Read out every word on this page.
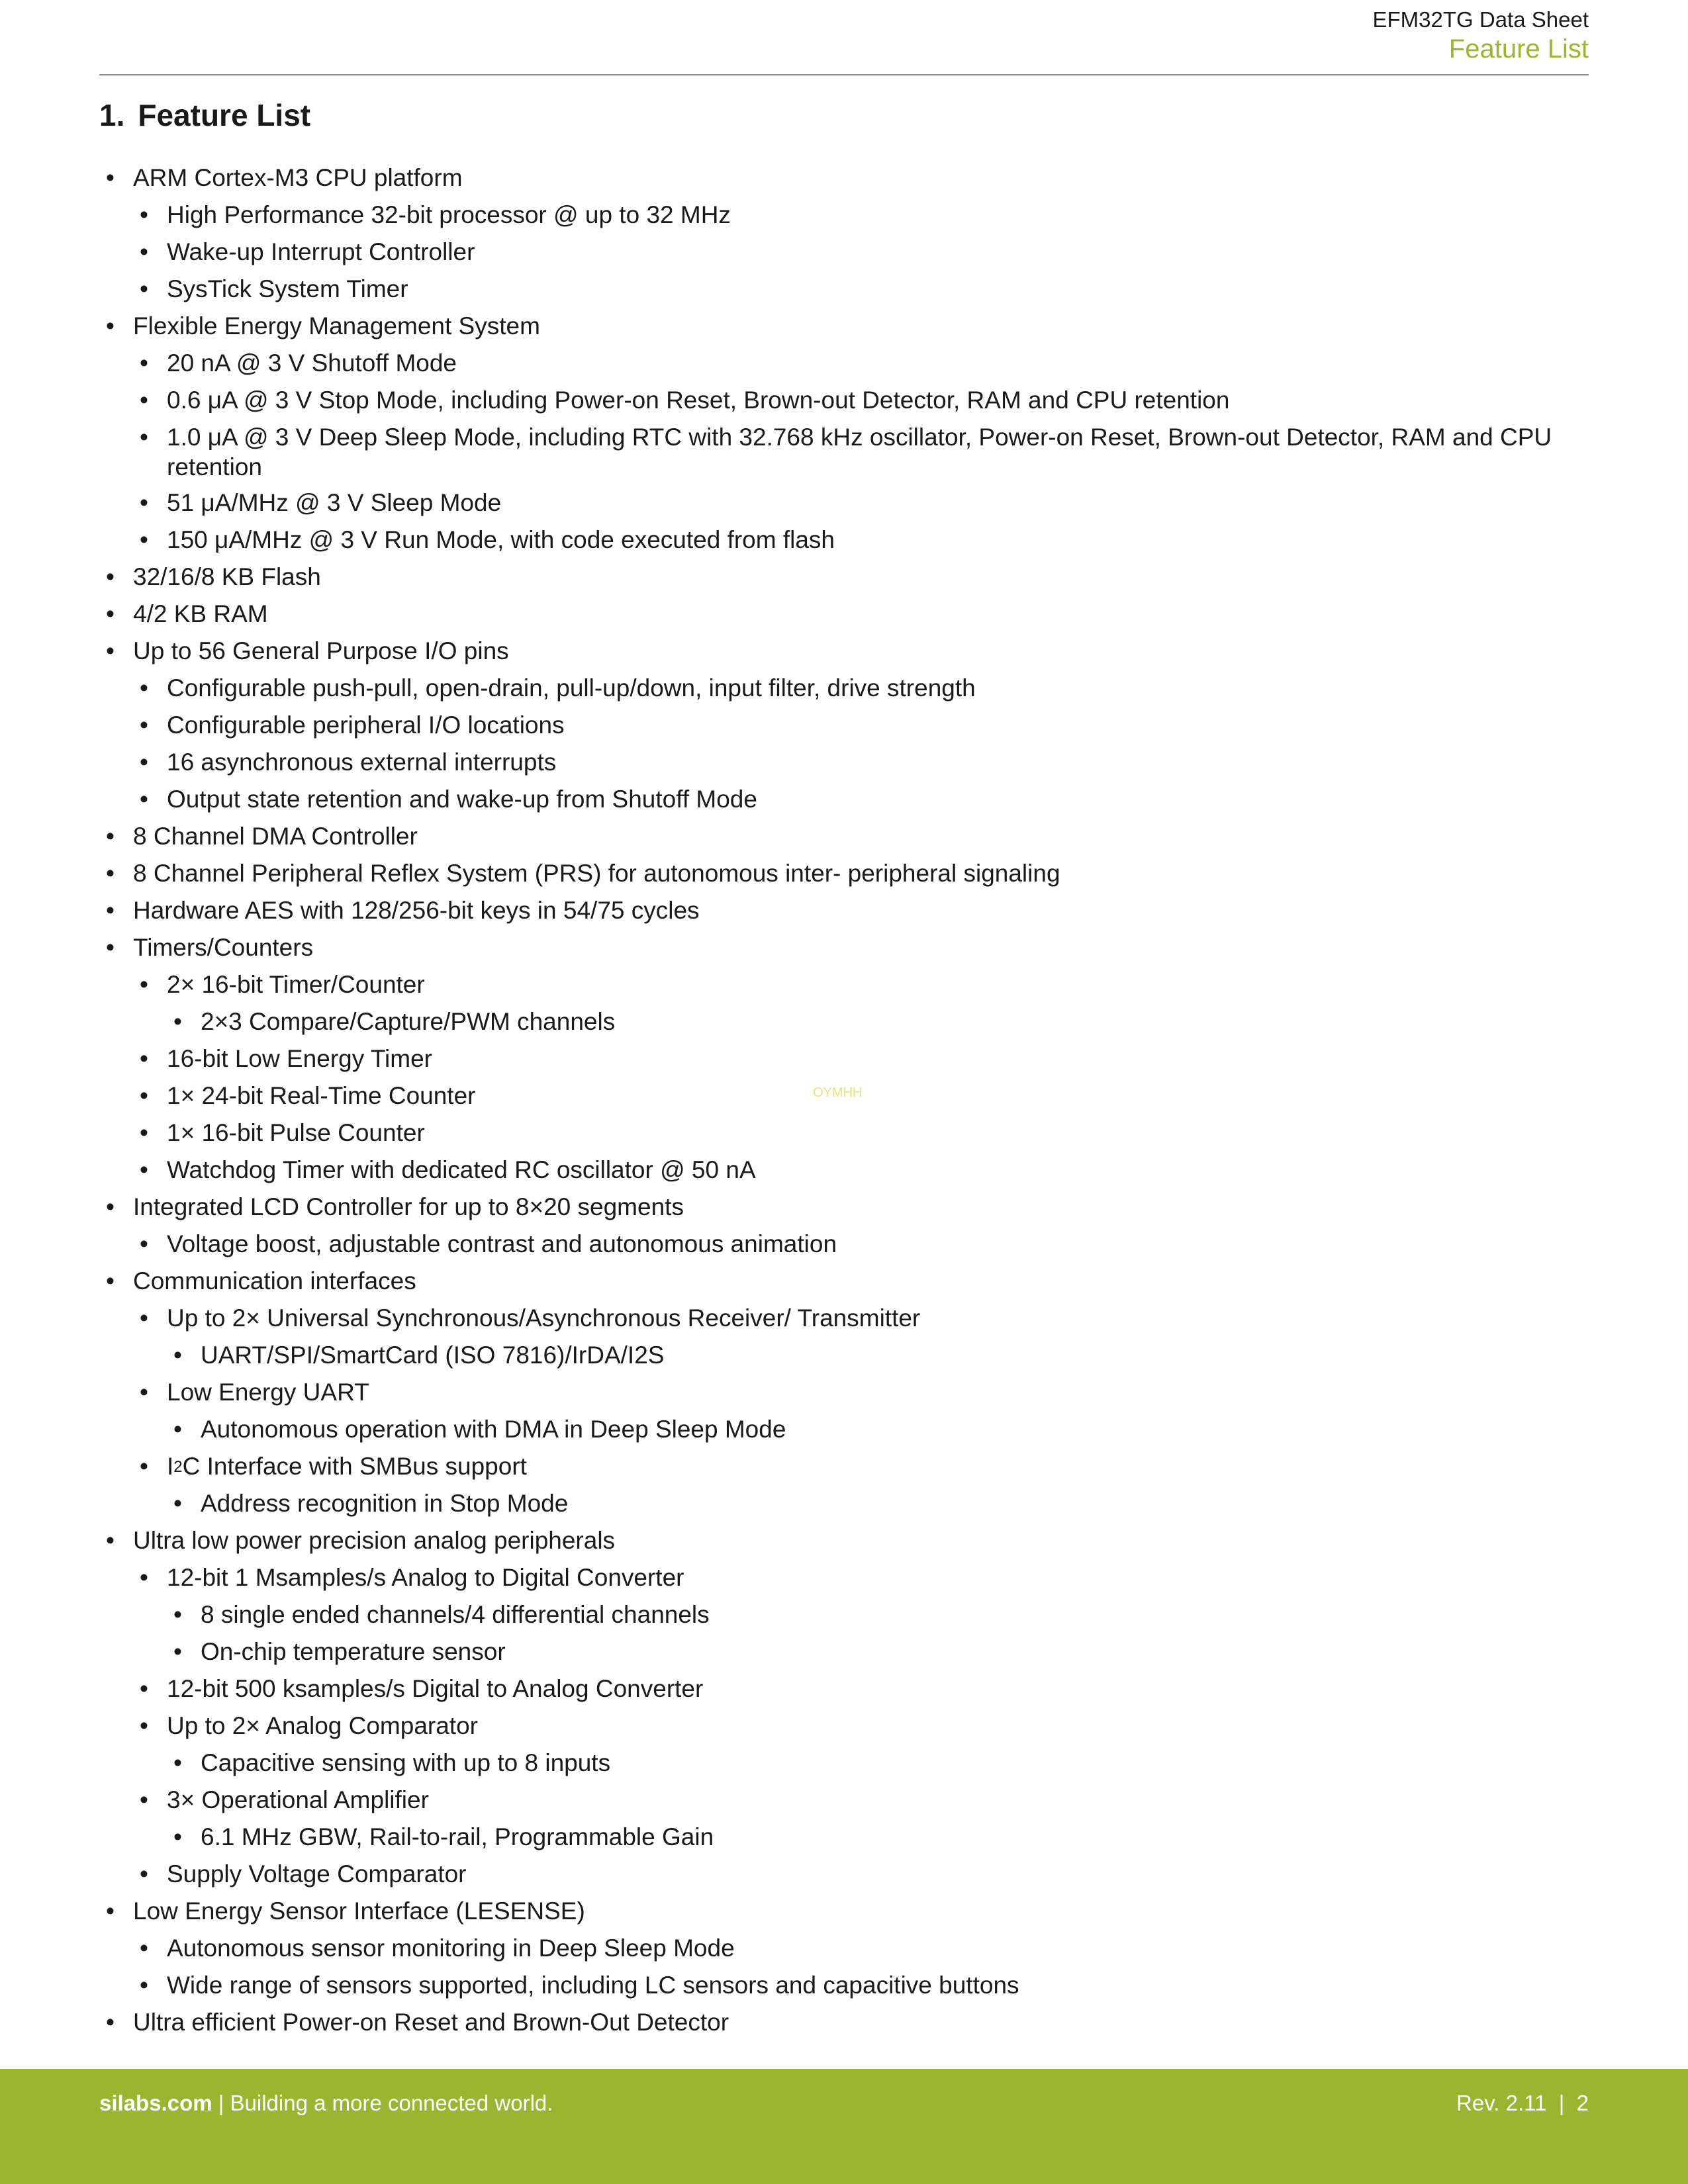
EFM32TG Data Sheet
Feature List
1. Feature List
• ARM Cortex-M3 CPU platform
• High Performance 32-bit processor @ up to 32 MHz
• Wake-up Interrupt Controller
• SysTick System Timer
• Flexible Energy Management System
• 20 nA @ 3 V Shutoff Mode
• 0.6 μA @ 3 V Stop Mode, including Power-on Reset, Brown-out Detector, RAM and CPU retention
• 1.0 μA @ 3 V Deep Sleep Mode, including RTC with 32.768 kHz oscillator, Power-on Reset, Brown-out Detector, RAM and CPU retention
• 51 μA/MHz @ 3 V Sleep Mode
• 150 μA/MHz @ 3 V Run Mode, with code executed from flash
• 32/16/8 KB Flash
• 4/2 KB RAM
• Up to 56 General Purpose I/O pins
• Configurable push-pull, open-drain, pull-up/down, input filter, drive strength
• Configurable peripheral I/O locations
• 16 asynchronous external interrupts
• Output state retention and wake-up from Shutoff Mode
• 8 Channel DMA Controller
• 8 Channel Peripheral Reflex System (PRS) for autonomous inter- peripheral signaling
• Hardware AES with 128/256-bit keys in 54/75 cycles
• Timers/Counters
• 2× 16-bit Timer/Counter
• 2×3 Compare/Capture/PWM channels
• 16-bit Low Energy Timer
• 1× 24-bit Real-Time Counter
• 1× 16-bit Pulse Counter
• Watchdog Timer with dedicated RC oscillator @ 50 nA
• Integrated LCD Controller for up to 8×20 segments
• Voltage boost, adjustable contrast and autonomous animation
• Communication interfaces
• Up to 2× Universal Synchronous/Asynchronous Receiver/ Transmitter
• UART/SPI/SmartCard (ISO 7816)/IrDA/I2S
• Low Energy UART
• Autonomous operation with DMA in Deep Sleep Mode
• $I^2C$ Interface with SMBus support
• Address recognition in Stop Mode
• Ultra low power precision analog peripherals
• 12-bit 1 Msamples/s Analog to Digital Converter
• 8 single ended channels/4 differential channels
• On-chip temperature sensor
• 12-bit 500 ksamples/s Digital to Analog Converter
• Up to 2× Analog Comparator
• Capacitive sensing with up to 8 inputs
• 3× Operational Amplifier
• 6.1 MHz GBW, Rail-to-rail, Programmable Gain
• Supply Voltage Comparator
• Low Energy Sensor Interface (LESENSE)
• Autonomous sensor monitoring in Deep Sleep Mode
• Wide range of sensors supported, including LC sensors and capacitive buttons
• Ultra efficient Power-on Reset and Brown-Out Detector
OYMHH
silabs.com | Building a more connected world.	Rev. 2.11  |  2
